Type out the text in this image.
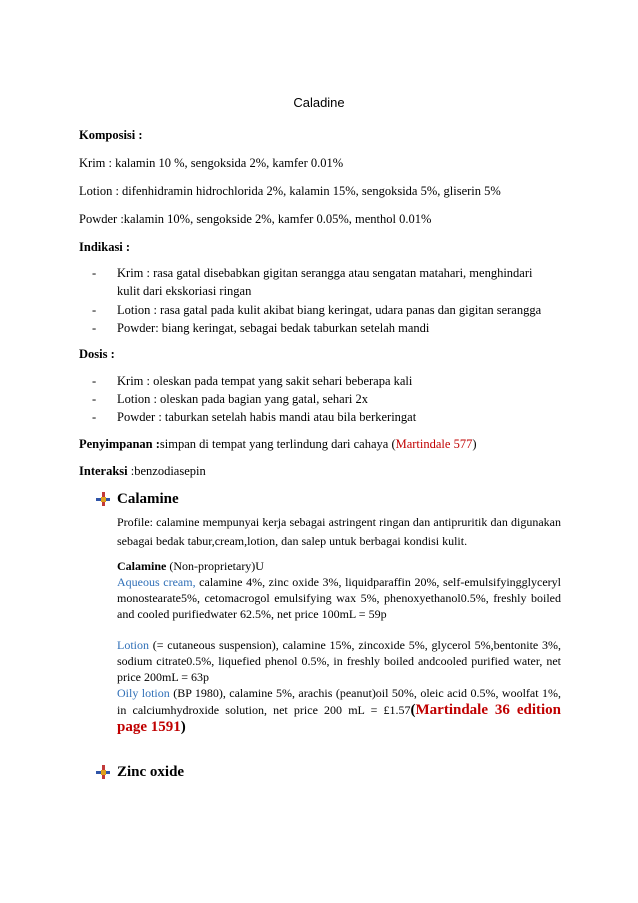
Caladine
Komposisi :
Krim : kalamin 10 %, sengoksida 2%, kamfer 0.01%
Lotion : difenhidramin hidrochlorida 2%, kalamin 15%, sengoksida 5%, gliserin 5%
Powder :kalamin 10%, sengokside 2%, kamfer 0.05%, menthol 0.01%
Indikasi :
- Krim : rasa gatal disebabkan gigitan serangga atau sengatan matahari, menghindari
kulit dari ekskoriasi ringan
- Lotion : rasa gatal pada kulit akibat biang keringat, udara panas dan gigitan serangga
- Powder: biang keringat, sebagai bedak taburkan setelah mandi
Dosis :
- Krim : oleskan pada tempat yang sakit sehari beberapa kali
- Lotion : oleskan pada bagian yang gatal, sehari 2x
- Powder : taburkan setelah habis mandi atau bila berkeringat
Penyimpanan :simpan di tempat yang terlindung dari cahaya (Martindale 577)
Interaksi :benzodiasepin
Calamine
Profile: calamine mempunyai kerja sebagai astringent ringan dan antipruritik dan digunakan sebagai bedak tabur,cream,lotion, dan salep untuk berbagai kondisi kulit.
Calamine (Non-proprietary)U
Aqueous cream, calamine 4%, zinc oxide 3%, liquidparaffin 20%, self-emulsifyingglyceryl monostearate5%, cetomacrogol emulsifying wax 5%, phenoxyethanol0.5%, freshly boiled and cooled purifiedwater 62.5%, net price 100mL = 59p
Lotion (= cutaneous suspension), calamine 15%, zincoxide 5%, glycerol 5%,bentonite 3%, sodium citrate0.5%, liquefied phenol 0.5%, in freshly boiled andcooled purified water, net price 200mL = 63p
Oily lotion (BP 1980), calamine 5%, arachis (peanut)oil 50%, oleic acid 0.5%, woolfat 1%, in calciumhydroxide solution, net price 200 mL = £1.57(Martindale 36 edition page 1591)
Zinc oxide
